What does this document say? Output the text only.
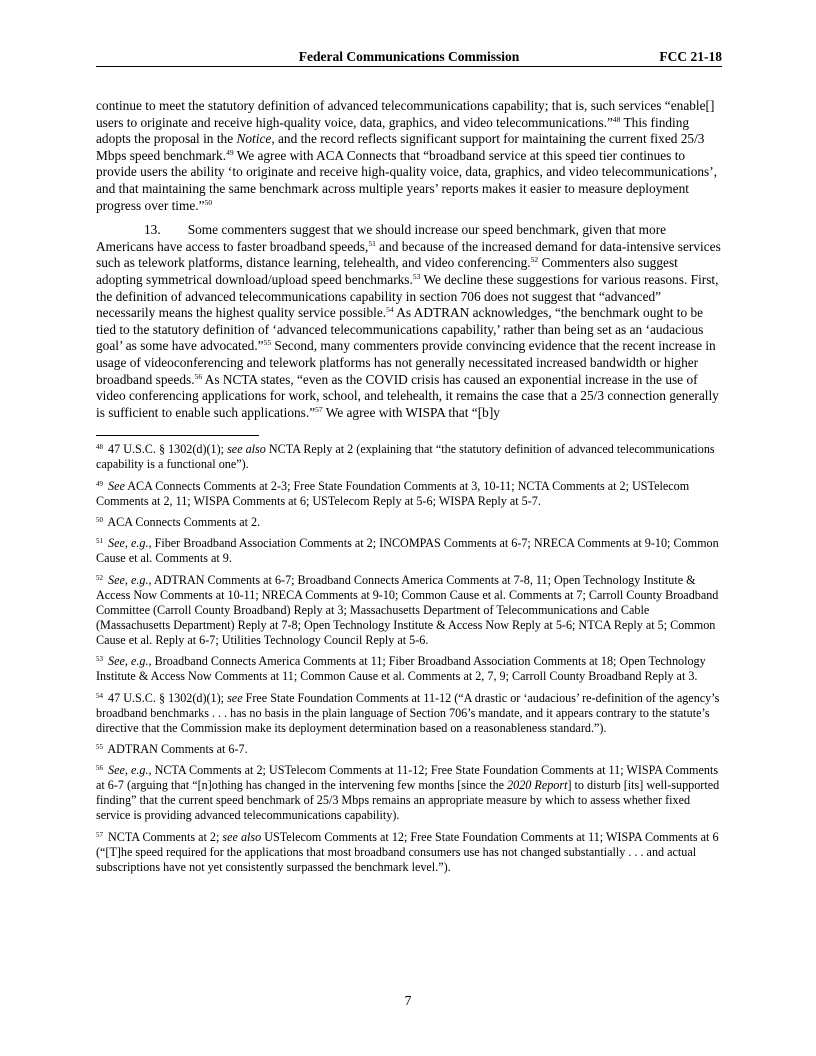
Federal Communications Commission	FCC 21-18

continue to meet the statutory definition of advanced telecommunications capability; that is, such services “enable[] users to originate and receive high-quality voice, data, graphics, and video telecommunications.”$^{48}$ This finding adopts the proposal in the Notice, and the record reflects significant support for maintaining the current fixed 25/3 Mbps speed benchmark.$^{49}$ We agree with ACA Connects that “broadband service at this speed tier continues to provide users the ability ‘to originate and receive high-quality voice, data, graphics, and video telecommunications’, and that maintaining the same benchmark across multiple years’ reports makes it easier to measure deployment progress over time.”$^{50}$

13. Some commenters suggest that we should increase our speed benchmark, given that more Americans have access to faster broadband speeds,$^{51}$ and because of the increased demand for data-intensive services such as telework platforms, distance learning, telehealth, and video conferencing.$^{52}$ Commenters also suggest adopting symmetrical download/upload speed benchmarks.$^{53}$ We decline these suggestions for various reasons. First, the definition of advanced telecommunications capability in section 706 does not suggest that “advanced” necessarily means the highest quality service possible.$^{54}$ As ADTRAN acknowledges, “the benchmark ought to be tied to the statutory definition of ‘advanced telecommunications capability,’ rather than being set as an ‘audacious goal’ as some have advocated.”$^{55}$ Second, many commenters provide convincing evidence that the recent increase in usage of videoconferencing and telework platforms has not generally necessitated increased bandwidth or higher broadband speeds.$^{56}$ As NCTA states, “even as the COVID crisis has caused an exponential increase in the use of video conferencing applications for work, school, and telehealth, it remains the case that a 25/3 connection generally is sufficient to enable such applications.”$^{57}$ We agree with WISPA that “[b]y

$^{48}$ 47 U.S.C. § 1302(d)(1); see also NCTA Reply at 2 (explaining that “the statutory definition of advanced telecommunications capability is a functional one”).

$^{49}$ See ACA Connects Comments at 2-3; Free State Foundation Comments at 3, 10-11; NCTA Comments at 2; USTelecom Comments at 2, 11; WISPA Comments at 6; USTelecom Reply at 5-6; WISPA Reply at 5-7.

$^{50}$ ACA Connects Comments at 2.

$^{51}$ See, e.g., Fiber Broadband Association Comments at 2; INCOMPAS Comments at 6-7; NRECA Comments at 9-10; Common Cause et al. Comments at 9.

$^{52}$ See, e.g., ADTRAN Comments at 6-7; Broadband Connects America Comments at 7-8, 11; Open Technology Institute & Access Now Comments at 10-11; NRECA Comments at 9-10; Common Cause et al. Comments at 7; Carroll County Broadband Committee (Carroll County Broadband) Reply at 3; Massachusetts Department of Telecommunications and Cable (Massachusetts Department) Reply at 7-8; Open Technology Institute & Access Now Reply at 5-6; NTCA Reply at 5; Common Cause et al. Reply at 6-7; Utilities Technology Council Reply at 5-6.

$^{53}$ See, e.g., Broadband Connects America Comments at 11; Fiber Broadband Association Comments at 18; Open Technology Institute & Access Now Comments at 11; Common Cause et al. Comments at 2, 7, 9; Carroll County Broadband Reply at 3.

$^{54}$ 47 U.S.C. § 1302(d)(1); see Free State Foundation Comments at 11-12 (“A drastic or ‘audacious’ re-definition of the agency’s broadband benchmarks . . . has no basis in the plain language of Section 706’s mandate, and it appears contrary to the statute’s directive that the Commission make its deployment determination based on a reasonableness standard.”).

$^{55}$ ADTRAN Comments at 6-7.

$^{56}$ See, e.g., NCTA Comments at 2; USTelecom Comments at 11-12; Free State Foundation Comments at 11; WISPA Comments at 6-7 (arguing that “[n]othing has changed in the intervening few months [since the 2020 Report] to disturb [its] well-supported finding” that the current speed benchmark of 25/3 Mbps remains an appropriate measure by which to assess whether fixed service is providing advanced telecommunications capability).

$^{57}$ NCTA Comments at 2; see also USTelecom Comments at 12; Free State Foundation Comments at 11; WISPA Comments at 6 (“[T]he speed required for the applications that most broadband consumers use has not changed substantially . . . and actual subscriptions have not yet consistently surpassed the benchmark level.”).

7
